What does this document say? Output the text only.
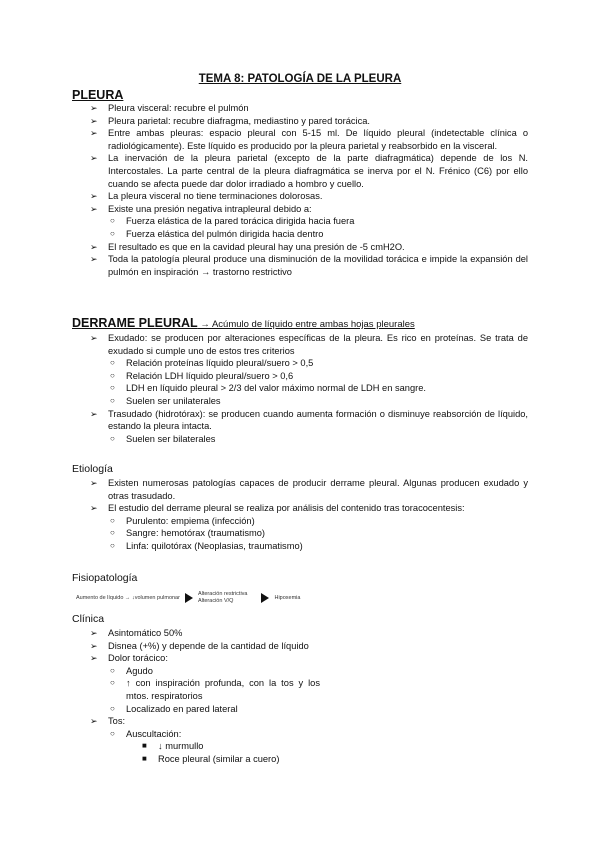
TEMA 8: PATOLOGÍA DE LA PLEURA
PLEURA
➢ Pleura visceral: recubre el pulmón
➢ Pleura parietal: recubre diafragma, mediastino y pared torácica.
➢ Entre ambas pleuras: espacio pleural con 5-15 ml. De líquido pleural (indetectable clínica o radiológicamente). Este líquido es producido por la pleura parietal y reabsorbido en la visceral.
➢ La inervación de la pleura parietal (excepto de la parte diafragmática) depende de los N. Intercostales. La parte central de la pleura diafragmática se inerva por el N. Frénico (C6) por ello cuando se afecta puede dar dolor irradiado a hombro y cuello.
➢ La pleura visceral no tiene terminaciones dolorosas.
➢ Existe una presión negativa intrapleural debido a:
○ Fuerza elástica de la pared torácica dirigida hacia fuera
○ Fuerza elástica del pulmón dirigida hacia dentro
➢ El resultado es que en la cavidad pleural hay una presión de -5 cmH2O.
➢ Toda la patología pleural produce una disminución de la movilidad torácica e impide la expansión del pulmón en inspiración → trastorno restrictivo
DERRAME PLEURAL → Acúmulo de líquido entre ambas hojas pleurales
➢ Exudado: se producen por alteraciones específicas de la pleura. Es rico en proteínas. Se trata de exudado si cumple uno de estos tres criterios
○ Relación proteínas líquido pleural/suero > 0,5
○ Relación LDH líquido pleural/suero > 0,6
○ LDH en líquido pleural > 2/3 del valor máximo normal de LDH en sangre.
○ Suelen ser unilaterales
➢ Trasudado (hidrotórax): se producen cuando aumenta formación o disminuye reabsorción de líquido, estando la pleura intacta.
○ Suelen ser bilaterales
Etiología
➢ Existen numerosas patologías capaces de producir derrame pleural. Algunas producen exudado y otras trasudado.
➢ El estudio del derrame pleural se realiza por análisis del contenido tras toracocentesis:
○ Purulento: empiema (infección)
○ Sangre: hemotórax (traumatismo)
○ Linfa: quilotórax (Neoplasias, traumatismo)
Fisiopatología
Aumento de líquido → ↓volumen pulmonar
Alteración restrictiva
Alteración V/Q	Hipoxemia
Clínica
➢ Asintomático 50%
➢ Disnea (+%) y depende de la cantidad de líquido
➢ Dolor torácico:
○ Agudo
○ ↑ con inspiración profunda, con la tos y los mtos. respiratorios
○ Localizado en pared lateral
➢ Tos:
○ Auscultación:
■ ↓ murmullo
■ Roce pleural (similar a cuero)
